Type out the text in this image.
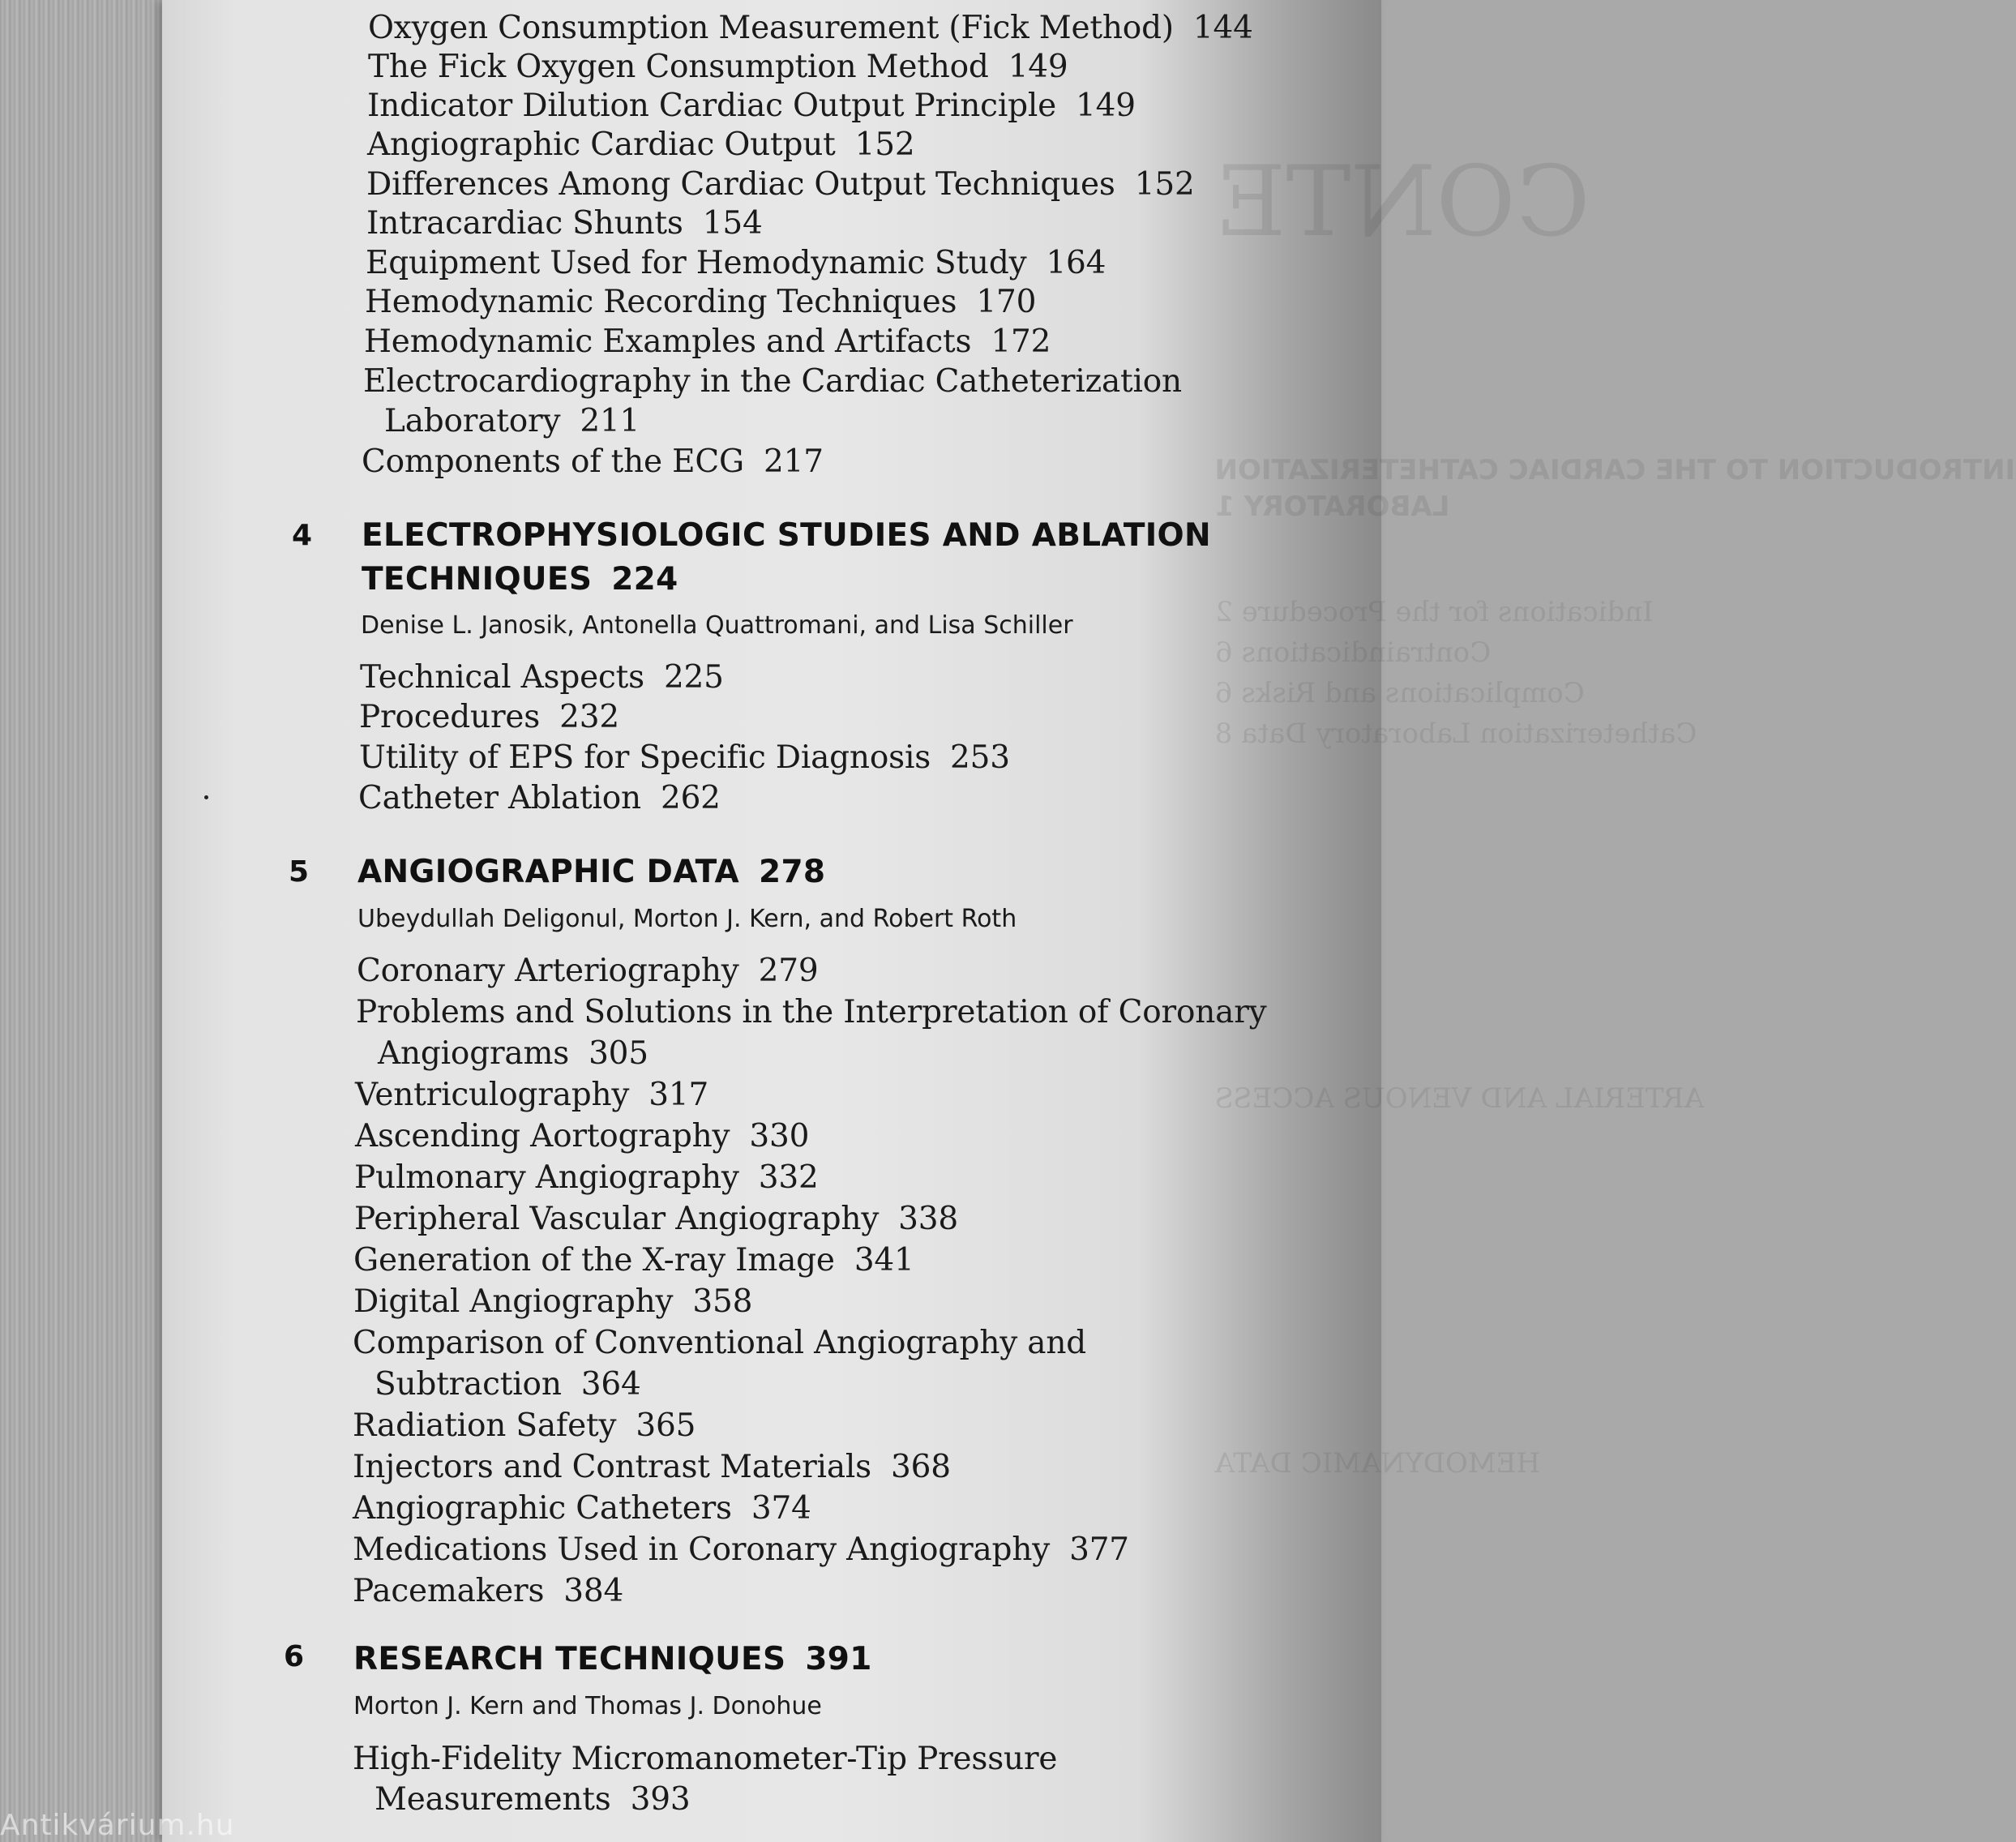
CONTE
INTRODUCTION TO THE CARDIAC CATHETERIZATION
Indications for the Procedure 2
Complications and Risks 6
Catheterization Laboratory Data 8
ARTERIAL AND VENOUS ACCESS
HEMODYNAMIC
Antikvárium.hu
Oxygen Consumption Measurement (Fick Method) 144
The Fick Oxygen Consumption Method 149
Indicator Dilution Cardiac Output Principle 149
Angiographic Cardiac Output 152
Differences Among Cardiac Output Techniques 152
Intracardiac Shunts 154
Equipment Used for Hemodynamic Study 164
Hemodynamic Recording Techniques 170
Hemodynamic Examples and Artifacts 172
Electrocardiography in the Cardiac Catheterization
Laboratory 211
Components of the ECG 217
4 ELECTROPHYSIOLOGIC STUDIES AND ABLATION
TECHNIQUES 224
Denise L. Janosik, Antonella Quattromani, and Lisa Schiller
Technical Aspects 225
Procedures 232
Utility of EPS for Specific Diagnosis 253
Catheter Ablation 262
5 ANGIOGRAPHIC DATA 278
Ubeydullah Deligonul, Morton J. Kern, and Robert Roth
Coronary Arteriography 279
Problems and Solutions in the Interpretation of Coronary
Angiograms 305
Ventriculography 317
Ascending Aortography 330
Pulmonary Angiography 332
Peripheral Vascular Angiography 338
Generation of the X-ray Image 341
Digital Angiography 358
Comparison of Conventional Angiography and
Subtraction 364
Radiation Safety 365
Injectors and Contrast Materials 368
Angiographic Catheters 374
Medications Used in Coronary Angiography 377
Pacemakers 384
6 RESEARCH TECHNIQUES 391
Morton J. Kern and Thomas J. Donohue
High-Fidelity Micromanometer-Tip Pressure
Measurements 393
